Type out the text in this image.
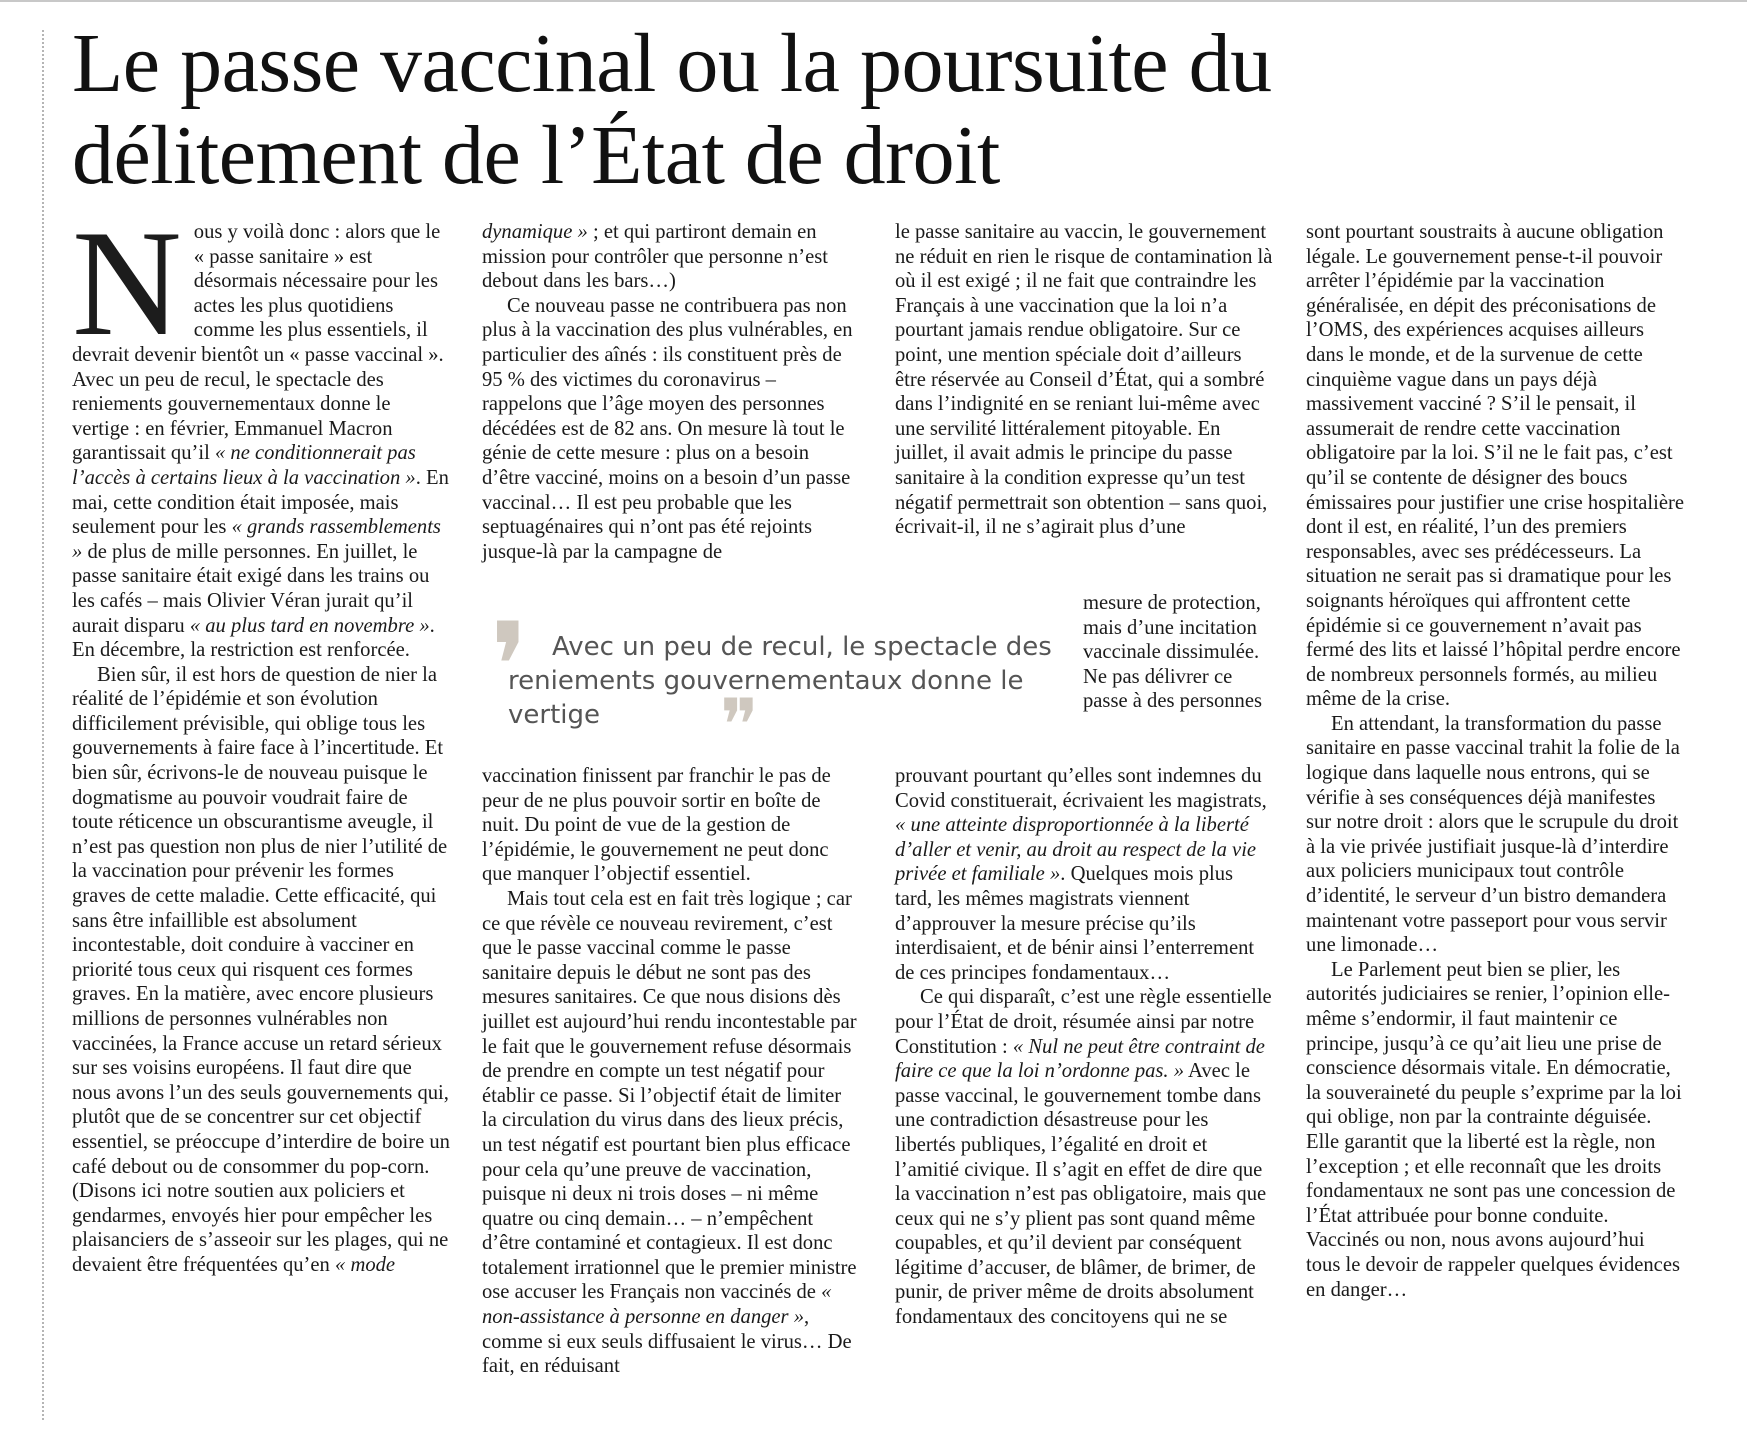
Le passe vaccinal ou la poursuite du délitement de l’État de droit

Nous y voilà donc : alors que le « passe sanitaire » est désormais nécessaire pour les actes les plus quotidiens comme les plus essentiels, il devrait devenir bientôt un « passe vaccinal ». Avec un peu de recul, le spectacle des reniements gouvernementaux donne le vertige : en février, Emmanuel Macron garantissait qu’il « ne conditionnerait pas l’accès à certains lieux à la vaccination ». En mai, cette condition était imposée, mais seulement pour les « grands rassemblements » de plus de mille personnes. En juillet, le passe sanitaire était exigé dans les trains ou les cafés – mais Olivier Véran jurait qu’il aurait disparu « au plus tard en novembre ». En décembre, la restriction est renforcée.

Bien sûr, il est hors de question de nier la réalité de l’épidémie et son évolution difficilement prévisible, qui oblige tous les gouvernements à faire face à l’incertitude. Et bien sûr, écrivons-le de nouveau puisque le dogmatisme au pouvoir voudrait faire de toute réticence un obscurantisme aveugle, il n’est pas question non plus de nier l’utilité de la vaccination pour prévenir les formes graves de cette maladie. Cette efficacité, qui sans être infaillible est absolument incontestable, doit conduire à vacciner en priorité tous ceux qui risquent ces formes graves. En la matière, avec encore plusieurs millions de personnes vulnérables non vaccinées, la France accuse un retard sérieux sur ses voisins européens. Il faut dire que nous avons l’un des seuls gouvernements qui, plutôt que de se concentrer sur cet objectif essentiel, se préoccupe d’interdire de boire un café debout ou de consommer du pop-corn. (Disons ici notre soutien aux policiers et gendarmes, envoyés hier pour empêcher les plaisanciers de s’asseoir sur les plages, qui ne devaient être fréquentées qu’en « mode

dynamique » ; et qui partiront demain en mission pour contrôler que personne n’est debout dans les bars…)

Ce nouveau passe ne contribuera pas non plus à la vaccination des plus vulnérables, en particulier des aînés : ils constituent près de 95 % des victimes du coronavirus – rappelons que l’âge moyen des personnes décédées est de 82 ans. On mesure là tout le génie de cette mesure : plus on a besoin d’être vacciné, moins on a besoin d’un passe vaccinal… Il est peu probable que les septuagénaires qui n’ont pas été rejoints jusque-là par la campagne de

❜ Avec un peu de recul, le spectacle des reniements gouvernementaux donne le vertige	❞

vaccination finissent par franchir le pas de peur de ne plus pouvoir sortir en boîte de nuit. Du point de vue de la gestion de l’épidémie, le gouvernement ne peut donc que manquer l’objectif essentiel.

Mais tout cela est en fait très logique ; car ce que révèle ce nouveau revirement, c’est que le passe vaccinal comme le passe sanitaire depuis le début ne sont pas des mesures sanitaires. Ce que nous disions dès juillet est aujourd’hui rendu incontestable par le fait que le gouvernement refuse désormais de prendre en compte un test négatif pour établir ce passe. Si l’objectif était de limiter la circulation du virus dans des lieux précis, un test négatif est pourtant bien plus efficace pour cela qu’une preuve de vaccination, puisque ni deux ni trois doses – ni même quatre ou cinq demain… – n’empêchent d’être contaminé et contagieux. Il est donc totalement irrationnel que le premier ministre ose accuser les Français non vaccinés de « non-assistance à personne en danger », comme si eux seuls diffusaient le virus… De fait, en réduisant

le passe sanitaire au vaccin, le gouvernement ne réduit en rien le risque de contamination là où il est exigé ; il ne fait que contraindre les Français à une vaccination que la loi n’a pourtant jamais rendue obligatoire. Sur ce point, une mention spéciale doit d’ailleurs être réservée au Conseil d’État, qui a sombré dans l’indignité en se reniant lui-même avec une servilité littéralement pitoyable. En juillet, il avait admis le principe du passe sanitaire à la condition expresse qu’un test négatif permettrait son obtention – sans quoi, écrivait-il, il ne s’agirait plus d’une

mesure de protection, mais d’une incitation vaccinale dissimulée. Ne pas délivrer ce passe à des personnes

prouvant pourtant qu’elles sont indemnes du Covid constituerait, écrivaient les magistrats, « une atteinte disproportionnée à la liberté d’aller et venir, au droit au respect de la vie privée et familiale ». Quelques mois plus tard, les mêmes magistrats viennent d’approuver la mesure précise qu’ils interdisaient, et de bénir ainsi l’enterrement de ces principes fondamentaux…

Ce qui disparaît, c’est une règle essentielle pour l’État de droit, résumée ainsi par notre Constitution : « Nul ne peut être contraint de faire ce que la loi n’ordonne pas. » Avec le passe vaccinal, le gouvernement tombe dans une contradiction désastreuse pour les libertés publiques, l’égalité en droit et l’amitié civique. Il s’agit en effet de dire que la vaccination n’est pas obligatoire, mais que ceux qui ne s’y plient pas sont quand même coupables, et qu’il devient par conséquent légitime d’accuser, de blâmer, de brimer, de punir, de priver même de droits absolument fondamentaux des concitoyens qui ne se

sont pourtant soustraits à aucune obligation légale. Le gouvernement pense-t-il pouvoir arrêter l’épidémie par la vaccination généralisée, en dépit des préconisations de l’OMS, des expériences acquises ailleurs dans le monde, et de la survenue de cette cinquième vague dans un pays déjà massivement vacciné ? S’il le pensait, il assumerait de rendre cette vaccination obligatoire par la loi. S’il ne le fait pas, c’est qu’il se contente de désigner des boucs émissaires pour justifier une crise hospitalière dont il est, en réalité, l’un des premiers responsables, avec ses prédécesseurs. La situation ne serait pas si dramatique pour les soignants héroïques qui affrontent cette épidémie si ce gouvernement n’avait pas fermé des lits et laissé l’hôpital perdre encore de nombreux personnels formés, au milieu même de la crise.

En attendant, la transformation du passe sanitaire en passe vaccinal trahit la folie de la logique dans laquelle nous entrons, qui se vérifie à ses conséquences déjà manifestes sur notre droit : alors que le scrupule du droit à la vie privée justifiait jusque-là d’interdire aux policiers municipaux tout contrôle d’identité, le serveur d’un bistro demandera maintenant votre passeport pour vous servir une limonade…

Le Parlement peut bien se plier, les autorités judiciaires se renier, l’opinion elle-même s’endormir, il faut maintenir ce principe, jusqu’à ce qu’ait lieu une prise de conscience désormais vitale. En démocratie, la souveraineté du peuple s’exprime par la loi qui oblige, non par la contrainte déguisée. Elle garantit que la liberté est la règle, non l’exception ; et elle reconnaît que les droits fondamentaux ne sont pas une concession de l’État attribuée pour bonne conduite. Vaccinés ou non, nous avons aujourd’hui tous le devoir de rappeler quelques évidences en danger…
